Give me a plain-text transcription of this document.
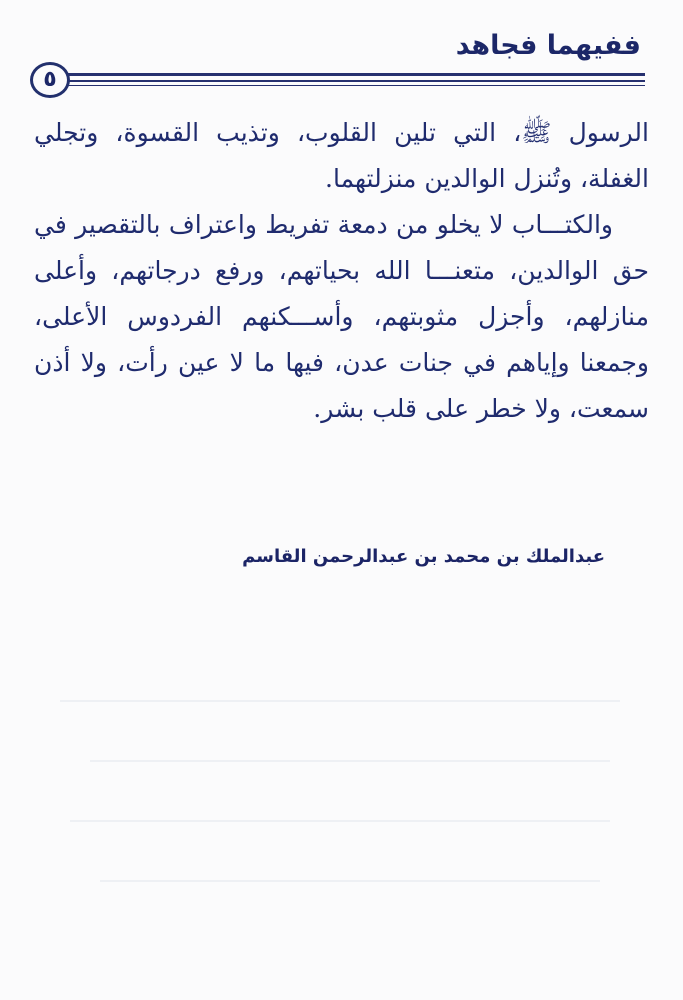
ففيهما فجاهد
٥

الرسول ﷺ، التي تلين القلوب، وتذيب القسوة، وتجلي الغفلة، وتُنزل الوالدين منزلتهما.

والكتـــاب لا يخلو من دمعة تفريط واعتراف بالتقصير في حق الوالدين، متعنـــا الله بحياتهم، ورفع درجاتهم، وأعلى منازلهم، وأجزل مثوبتهم، وأســـكنهم الفردوس الأعلى، وجمعنا وإياهم في جنات عدن، فيها ما لا عين رأت، ولا أذن سمعت، ولا خطر على قلب بشر.

عبدالملك بن محمد بن عبدالرحمن القاسم
